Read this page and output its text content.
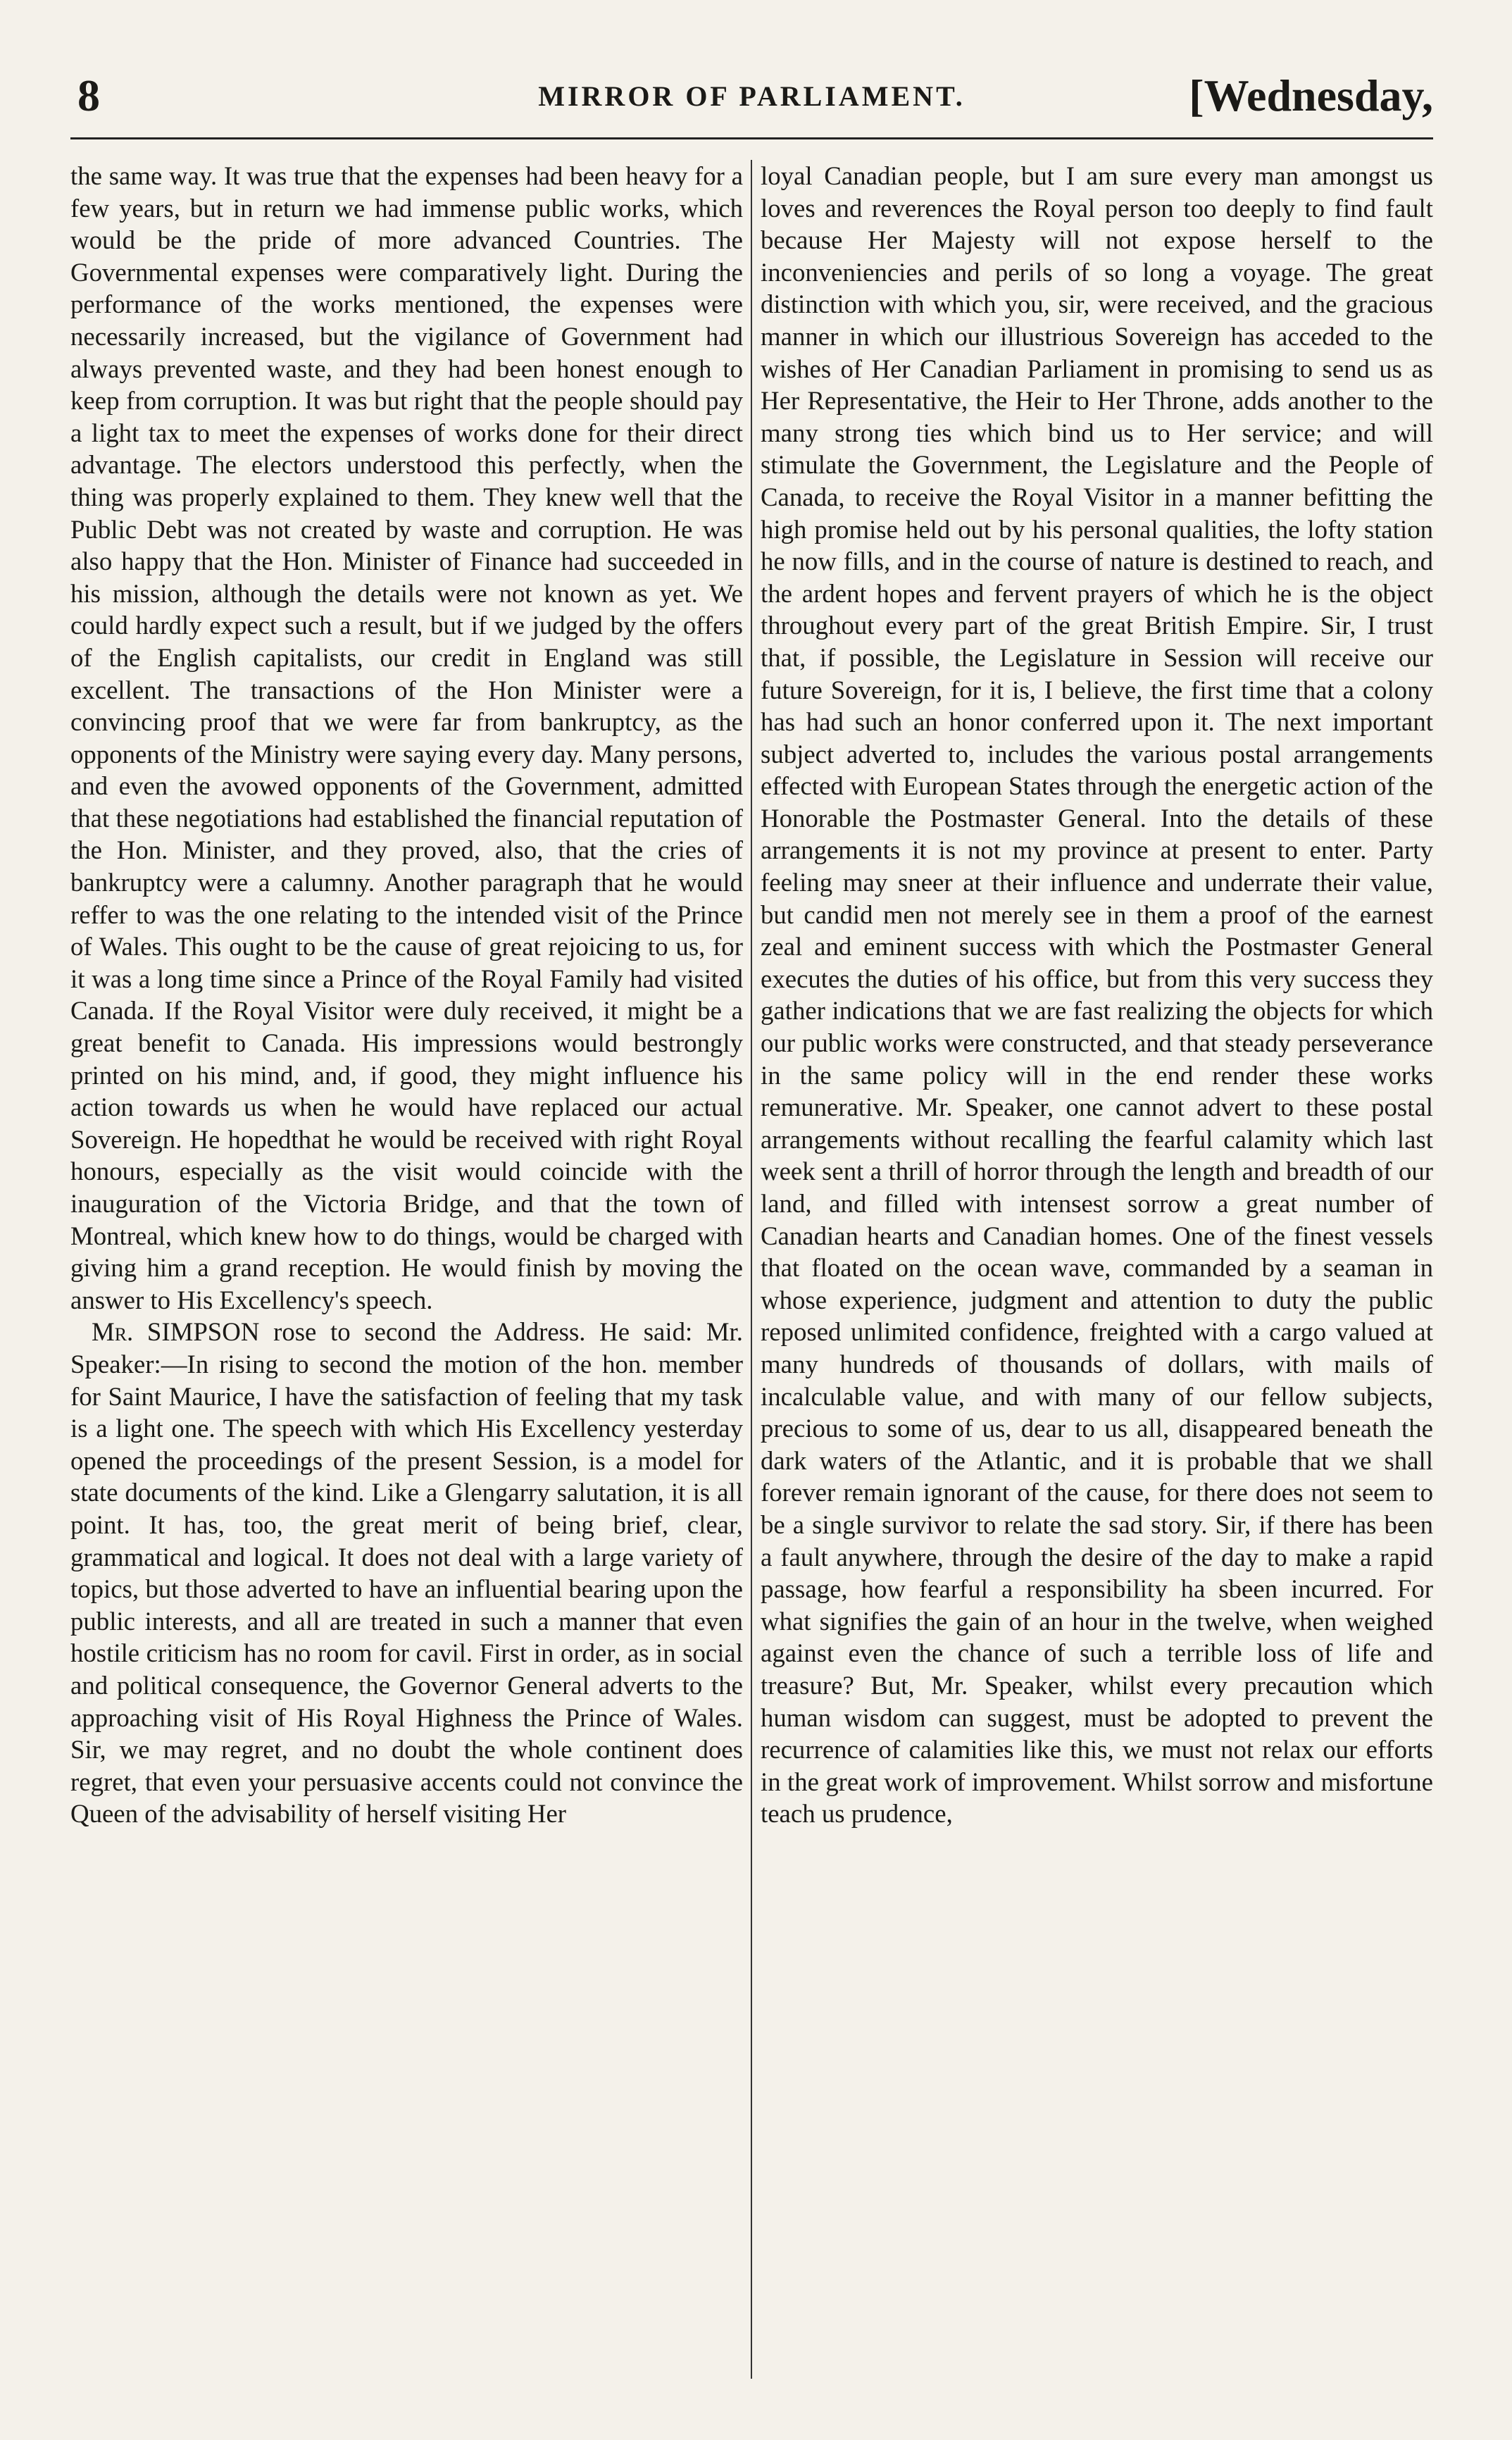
8	MIRROR OF PARLIAMENT.	[Wednesday,

the same way. It was true that the expenses had been heavy for a few years, but in return we had immense public works, which would be the pride of more advanced Countries. The Governmental expenses were comparatively light. During the performance of the works mentioned, the expenses were necessarily increased, but the vigilance of Government had always prevented waste, and they had been honest enough to keep from corruption. It was but right that the people should pay a light tax to meet the expenses of works done for their direct advantage. The electors understood this perfectly, when the thing was properly explained to them. They knew well that the Public Debt was not created by waste and corruption. He was also happy that the Hon. Minister of Finance had succeeded in his mission, although the details were not known as yet. We could hardly expect such a result, but if we judged by the offers of the English capitalists, our credit in England was still excellent. The transactions of the Hon Minister were a convincing proof that we were far from bankruptcy, as the opponents of the Ministry were saying every day. Many persons, and even the avowed opponents of the Government, admitted that these negotiations had established the financial reputation of the Hon. Minister, and they proved, also, that the cries of bankruptcy were a calumny. Another paragraph that he would reffer to was the one relating to the intended visit of the Prince of Wales. This ought to be the cause of great rejoicing to us, for it was a long time since a Prince of the Royal Family had visited Canada. If the Royal Visitor were duly received, it might be a great benefit to Canada. His impressions would bestrongly printed on his mind, and, if good, they might influence his action towards us when he would have replaced our actual Sovereign. He hopedthat he would be received with right Royal honours, especially as the visit would coincide with the inauguration of the Victoria Bridge, and that the town of Montreal, which knew how to do things, would be charged with giving him a grand reception. He would finish by moving the answer to His Excellency's speech.

Mr. SIMPSON rose to second the Address. He said: Mr. Speaker:—In rising to second the motion of the hon. member for Saint Maurice, I have the satisfaction of feeling that my task is a light one. The speech with which His Excellency yesterday opened the proceedings of the present Session, is a model for state documents of the kind. Like a Glengarry salutation, it is all point. It has, too, the great merit of being brief, clear, grammatical and logical. It does not deal with a large variety of topics, but those adverted to have an influential bearing upon the public interests, and all are treated in such a manner that even hostile criticism has no room for cavil. First in order, as in social and political consequence, the Governor General adverts to the approaching visit of His Royal Highness the Prince of Wales. Sir, we may regret, and no doubt the whole continent does regret, that even your persuasive accents could not convince the Queen of the advisability of herself visiting Her

loyal Canadian people, but I am sure every man amongst us loves and reverences the Royal person too deeply to find fault because Her Majesty will not expose herself to the inconveniencies and perils of so long a voyage. The great distinction with which you, sir, were received, and the gracious manner in which our illustrious Sovereign has acceded to the wishes of Her Canadian Parliament in promising to send us as Her Representative, the Heir to Her Throne, adds another to the many strong ties which bind us to Her service; and will stimulate the Government, the Legislature and the People of Canada, to receive the Royal Visitor in a manner befitting the high promise held out by his personal qualities, the lofty station he now fills, and in the course of nature is destined to reach, and the ardent hopes and fervent prayers of which he is the object throughout every part of the great British Empire. Sir, I trust that, if possible, the Legislature in Session will receive our future Sovereign, for it is, I believe, the first time that a colony has had such an honor conferred upon it. The next important subject adverted to, includes the various postal arrangements effected with European States through the energetic action of the Honorable the Postmaster General. Into the details of these arrangements it is not my province at present to enter. Party feeling may sneer at their influence and underrate their value, but candid men not merely see in them a proof of the earnest zeal and eminent success with which the Postmaster General executes the duties of his office, but from this very success they gather indications that we are fast realizing the objects for which our public works were constructed, and that steady perseverance in the same policy will in the end render these works remunerative. Mr. Speaker, one cannot advert to these postal arrangements without recalling the fearful calamity which last week sent a thrill of horror through the length and breadth of our land, and filled with intensest sorrow a great number of Canadian hearts and Canadian homes. One of the finest vessels that floated on the ocean wave, commanded by a seaman in whose experience, judgment and attention to duty the public reposed unlimited confidence, freighted with a cargo valued at many hundreds of thousands of dollars, with mails of incalculable value, and with many of our fellow subjects, precious to some of us, dear to us all, disappeared beneath the dark waters of the Atlantic, and it is probable that we shall forever remain ignorant of the cause, for there does not seem to be a single survivor to relate the sad story. Sir, if there has been a fault anywhere, through the desire of the day to make a rapid passage, how fearful a responsibility ha sbeen incurred. For what signifies the gain of an hour in the twelve, when weighed against even the chance of such a terrible loss of life and treasure? But, Mr. Speaker, whilst every precaution which human wisdom can suggest, must be adopted to prevent the recurrence of calamities like this, we must not relax our efforts in the great work of improvement. Whilst sorrow and misfortune teach us prudence,
